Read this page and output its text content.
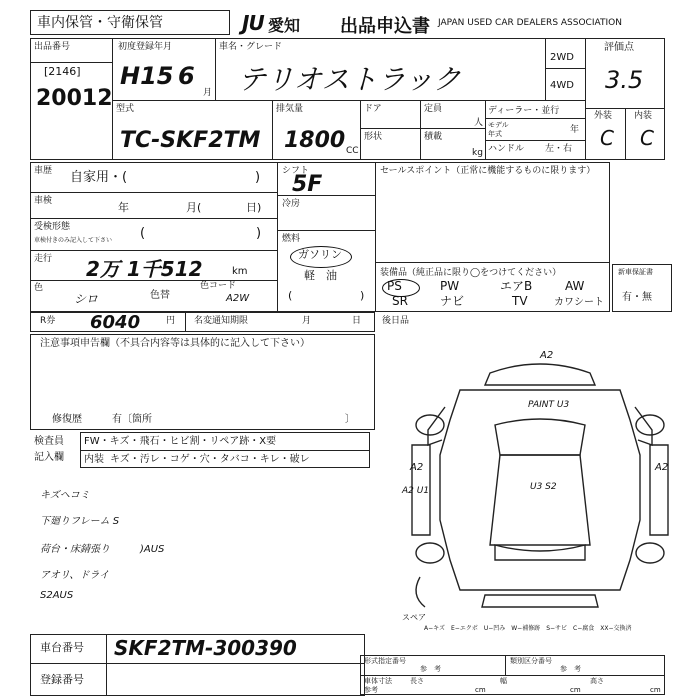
車内保管・守衛保管	JU 愛知 出品申込書 JAPAN USED CAR DEALERS ASSOCIATION
出品番号
[2146]
20012
初度登録年月
H15 6
月
車名・グレード
テリオストラック
2WD
4WD
評価点
3.5
型式
TC-SKF2TM
排気量
1800 CC
ドア	定員
人
形状	積載
kg
ディーラー・並行
モデル
年式	年
ハンドル 左・右
外装 内装
C C
車歴 自家用・(	)
車検	年	月(	日)
受検形態
車検付きのみ記入して下さい (	)
走行 2万 1千512	km
色
シロ	色替
色コード
A2W
シフト
5F
冷房
燃料
ガソリン
軽　油
(	)
セールスポイント（正常に機能するものに限ります）
装備品（純正品に限り◯をつけてください）
PS	PW	エアB	AW
SR	ナビ	TV	カワシート
新車保証書
有・無
R券 6040	円 名変通知期限	月	日 後日品
注意事項申告欄（不具合内容等は具体的に記入して下さい）
修復歴	有〔箇所	〕
検査員
記入欄
FW・キズ・飛石・ヒビ割・リペア跡・X要
内装 キズ・汚レ・コゲ・穴・タバコ・キレ・破レ
キズヘコミ
下廻りフレーム S
荷台・床錆張り	)AUS
アオリ、ドライ
S2AUS
A2
PAINT U3
A2	A2
A2 U1	U3 S2
スペア
A−キズ　E−エクボ　U−凹み　W−補修跡　S−サビ　C−腐食　XX−交換済
車台番号 SKF2TM-300390
登録番号
形式指定番号
参　考
類別区分番号
参　考
車体寸法
参考
長さ
cm
幅
cm
高さ
cm
